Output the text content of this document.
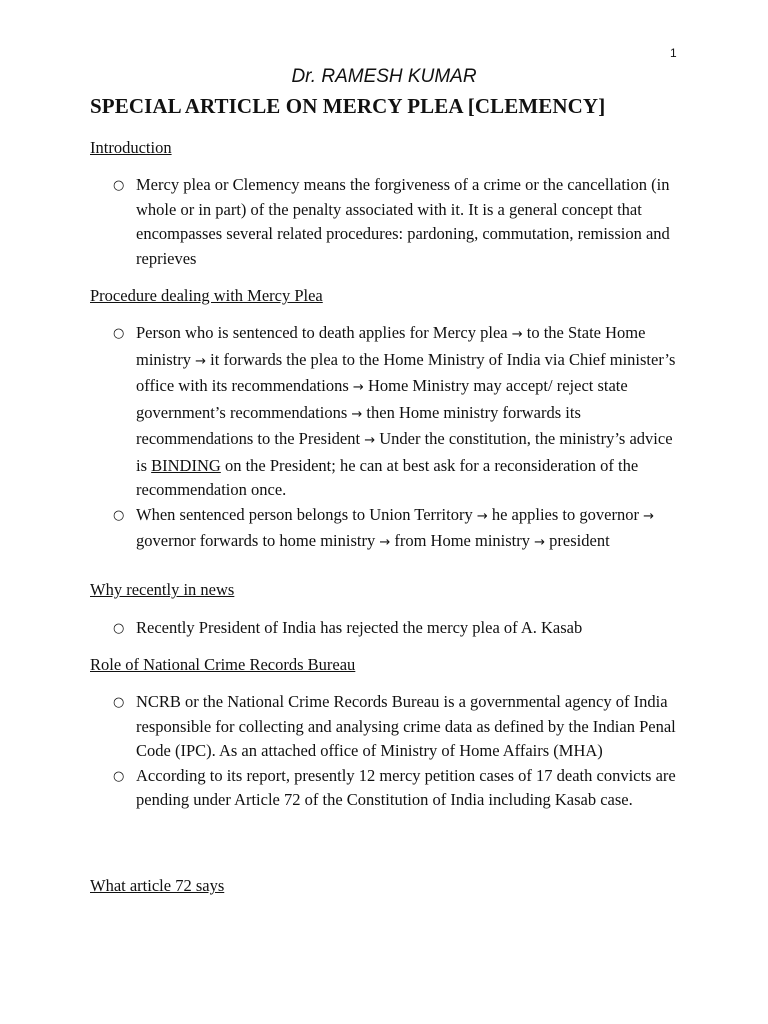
1
Dr. RAMESH KUMAR
SPECIAL ARTICLE ON MERCY PLEA [CLEMENCY]
Introduction
○ Mercy plea or Clemency means the forgiveness of a crime or the cancellation (in whole or in part) of the penalty associated with it. It is a general concept that encompasses several related procedures: pardoning, commutation, remission and reprieves
Procedure dealing with Mercy Plea
○ Person who is sentenced to death applies for Mercy plea → to the State Home ministry → it forwards the plea to the Home Ministry of India via Chief minister’s office with its recommendations → Home Ministry may accept/ reject state government’s recommendations → then Home ministry forwards its recommendations to the President → Under the constitution, the ministry’s advice is BINDING on the President; he can at best ask for a reconsideration of the recommendation once.
○ When sentenced person belongs to Union Territory → he applies to governor → governor forwards to home ministry → from Home ministry → president
Why recently in news
○ Recently President of India has rejected the mercy plea of A. Kasab
Role of National Crime Records Bureau
○ NCRB or the National Crime Records Bureau is a governmental agency of India responsible for collecting and analysing crime data as defined by the Indian Penal Code (IPC). As an attached office of Ministry of Home Affairs (MHA)
○ According to its report, presently 12 mercy petition cases of 17 death convicts are pending under Article 72 of the Constitution of India including Kasab case.
What article 72 says
